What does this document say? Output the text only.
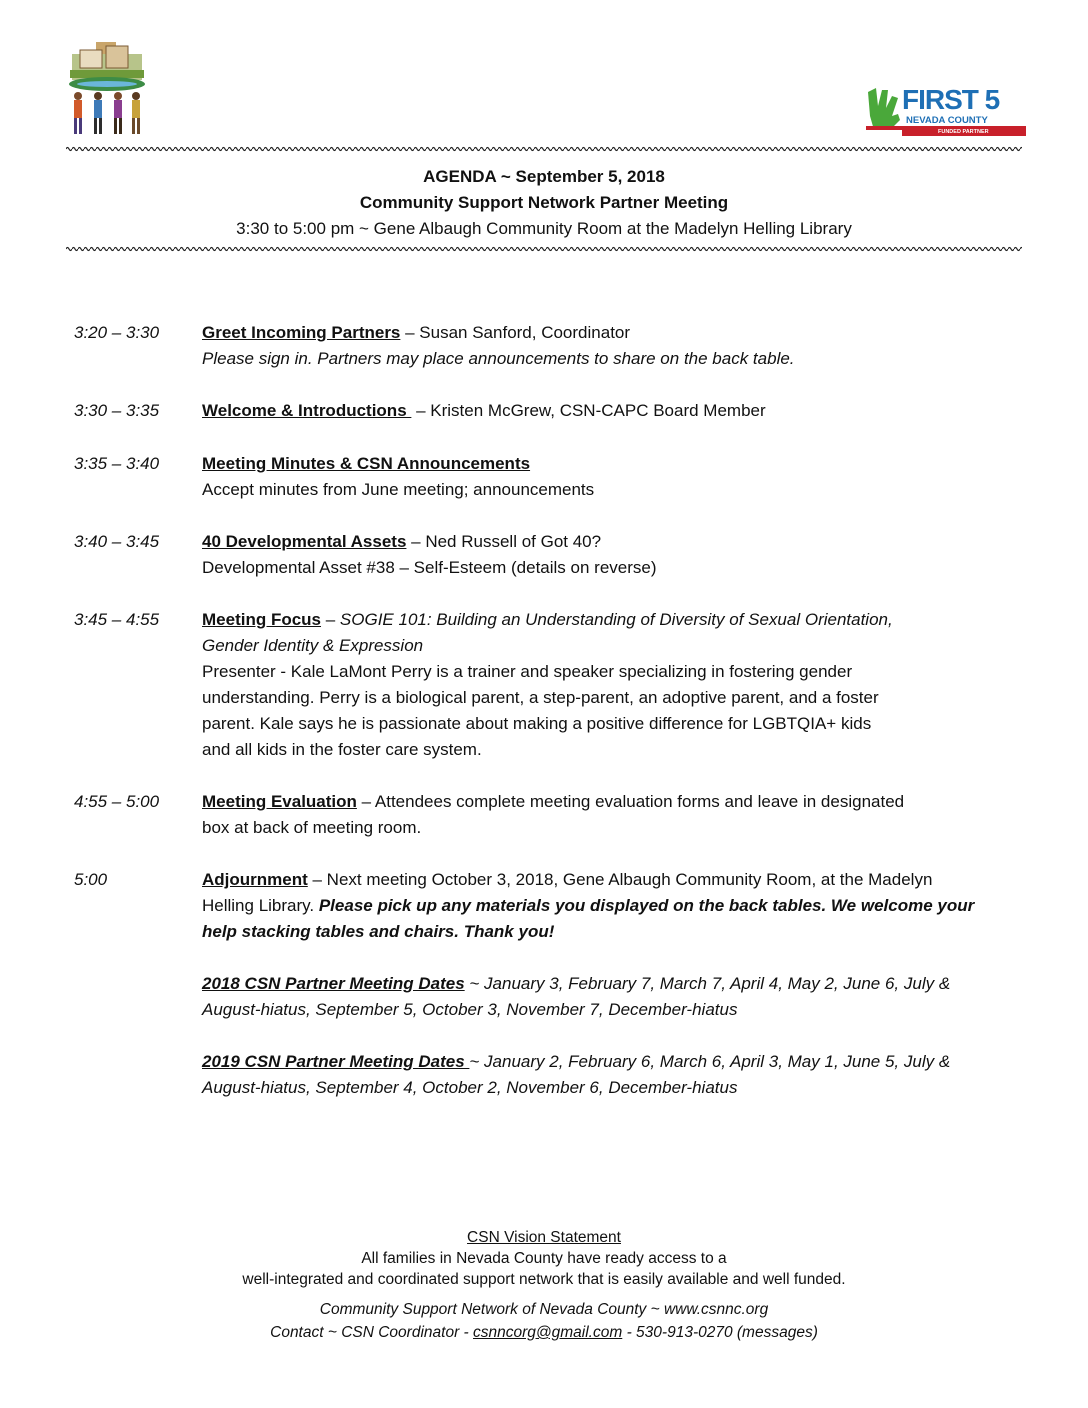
FIRST 5
NEVADA COUNTY
FUNDED PARTNER
AGENDA ~ September 5, 2018
Community Support Network Partner Meeting
3:30 to 5:00 pm ~ Gene Albaugh Community Room at the Madelyn Helling Library
3:20 – 3:30	Greet Incoming Partners – Susan Sanford, Coordinator
Please sign in. Partners may place announcements to share on the back table.
3:30 – 3:35	Welcome & Introductions  – Kristen McGrew, CSN-CAPC Board Member
3:35 – 3:40	Meeting Minutes & CSN Announcements
Accept minutes from June meeting; announcements
3:40 – 3:45	40 Developmental Assets – Ned Russell of Got 40?
Developmental Asset #38 – Self-Esteem (details on reverse)
3:45 – 4:55	Meeting Focus – SOGIE 101: Building an Understanding of Diversity of Sexual Orientation, Gender Identity & Expression
Presenter - Kale LaMont Perry is a trainer and speaker specializing in fostering gender understanding. Perry is a biological parent, a step-parent, an adoptive parent, and a foster parent. Kale says he is passionate about making a positive difference for LGBTQIA+ kids and all kids in the foster care system.
4:55 – 5:00	Meeting Evaluation – Attendees complete meeting evaluation forms and leave in designated box at back of meeting room.
5:00	Adjournment – Next meeting October 3, 2018, Gene Albaugh Community Room, at the Madelyn Helling Library. Please pick up any materials you displayed on the back tables. We welcome your help stacking tables and chairs. Thank you!
2018 CSN Partner Meeting Dates ~ January 3, February 7, March 7, April 4, May 2, June 6, July & August-hiatus, September 5, October 3, November 7, December-hiatus
2019 CSN Partner Meeting Dates ~ January 2, February 6, March 6, April 3, May 1, June 5, July & August-hiatus, September 4, October 2, November 6, December-hiatus
CSN Vision Statement
All families in Nevada County have ready access to a
well-integrated and coordinated support network that is easily available and well funded.
Community Support Network of Nevada County ~ www.csnnc.org
Contact ~ CSN Coordinator - csnncorg@gmail.com - 530-913-0270 (messages)
